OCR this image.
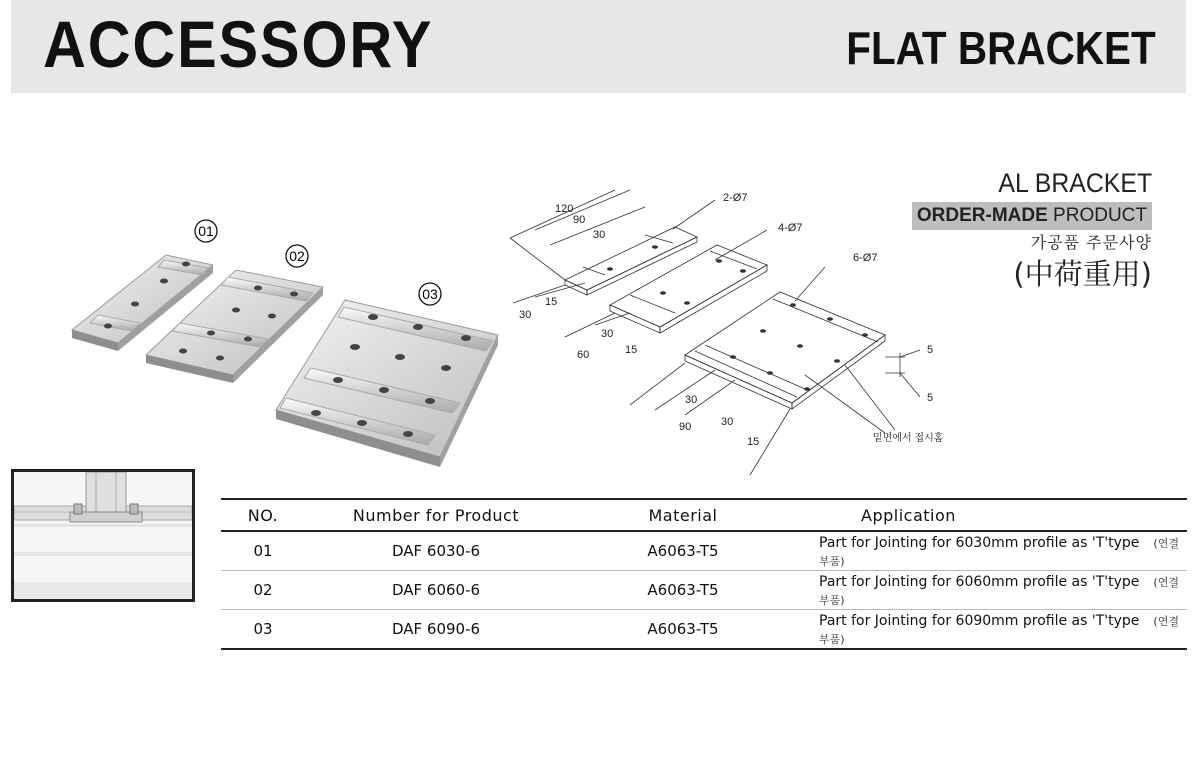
ACCESSORY	FLAT BRACKET
01
02
03
2-Ø7
4-Ø7
6-Ø7
120
90
30
15
30
60
30
15
30
90	30
15
5
5
밑면에서 접시홈
AL BRACKET
ORDER-MADE PRODUCT
가공품 주문사양
(中荷重用)
NO.	Number for Product	Material	Application
01	DAF 6030-6	A6063-T5	Part for Jointing for 6030mm profile as 'T'type (연결부품)
02	DAF 6060-6	A6063-T5	Part for Jointing for 6060mm profile as 'T'type (연결부품)
03	DAF 6090-6	A6063-T5	Part for Jointing for 6090mm profile as 'T'type (연결부품)
